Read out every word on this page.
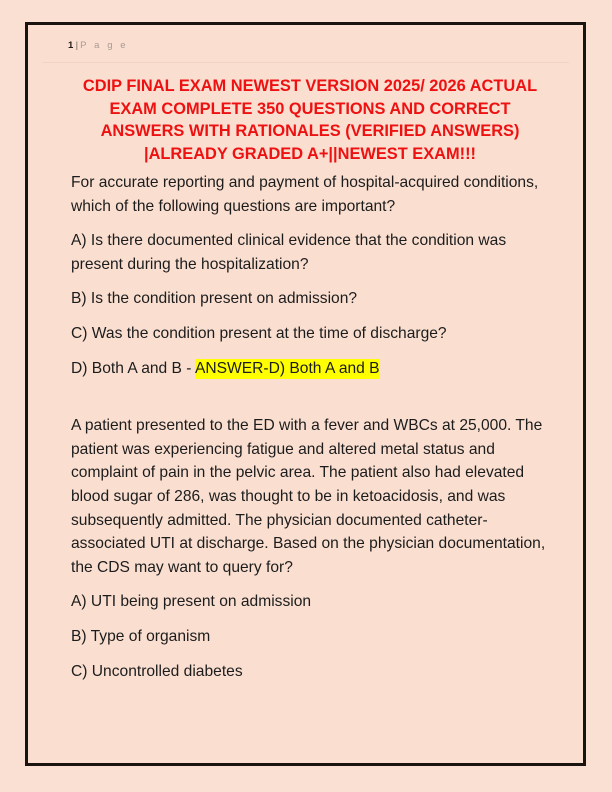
1 | P a g e
CDIP FINAL EXAM NEWEST VERSION 2025/ 2026 ACTUAL EXAM COMPLETE 350 QUESTIONS AND CORRECT ANSWERS WITH RATIONALES (VERIFIED ANSWERS) |ALREADY GRADED A+||NEWEST EXAM!!!

For accurate reporting and payment of hospital-acquired conditions, which of the following questions are important?

A) Is there documented clinical evidence that the condition was present during the hospitalization?

B) Is the condition present on admission?

C) Was the condition present at the time of discharge?

D) Both A and B - ANSWER-D) Both A and B

A patient presented to the ED with a fever and WBCs at 25,000. The patient was experiencing fatigue and altered metal status and complaint of pain in the pelvic area. The patient also had elevated blood sugar of 286, was thought to be in ketoacidosis, and was subsequently admitted. The physician documented catheter-associated UTI at discharge. Based on the physician documentation, the CDS may want to query for?

A) UTI being present on admission

B) Type of organism

C) Uncontrolled diabetes
